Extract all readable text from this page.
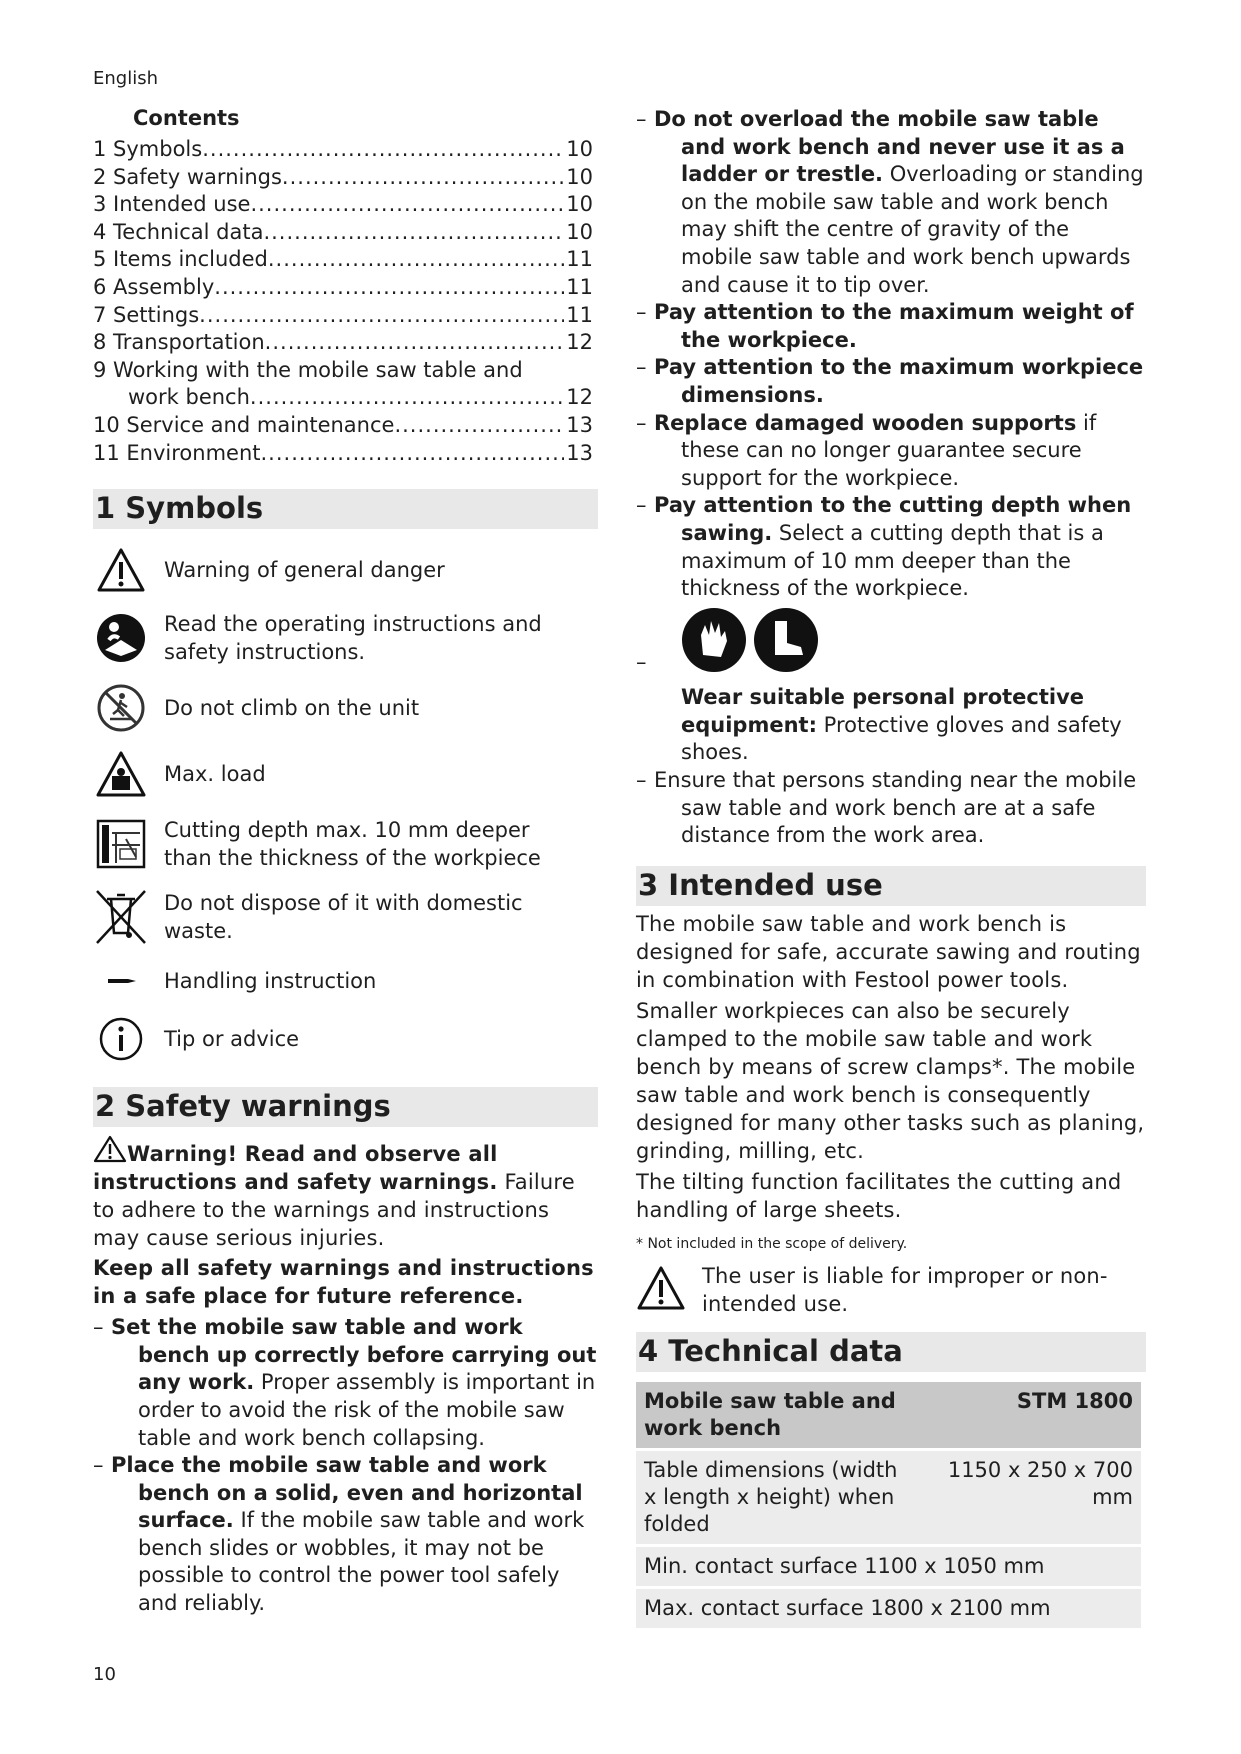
English
Contents
1 Symbols .....	10
2 Safety warnings .....	10
3 Intended use .....	10
4 Technical data .....	10
5 Items included .....	11
6 Assembly .....	11
7 Settings .....	11
8 Transportation .....	12
9 Working with the mobile saw table and
work bench .....	12
10 Service and maintenance .....	13
11 Environment .....	13
1 Symbols
Warning of general danger
Read the operating instructions and safety instructions.
Do not climb on the unit
Max. load
Cutting depth max. 10 mm deeper than the thickness of the workpiece
Do not dispose of it with domestic waste.
Handling instruction
Tip or advice
2 Safety warnings
Warning! Read and observe all instructions and safety warnings. Failure to adhere to the warnings and instructions may cause serious injuries.
Keep all safety warnings and instructions in a safe place for future reference.
– Set the mobile saw table and work bench up correctly before carrying out any work. Proper assembly is important in order to avoid the risk of the mobile saw table and work bench collapsing.
– Place the mobile saw table and work bench on a solid, even and horizontal surface. If the mobile saw table and work bench slides or wobbles, it may not be possible to control the power tool safely and reliably.
– Do not overload the mobile saw table and work bench and never use it as a ladder or trestle. Overloading or standing on the mobile saw table and work bench may shift the centre of gravity of the mobile saw table and work bench upwards and cause it to tip over.
– Pay attention to the maximum weight of the workpiece.
– Pay attention to the maximum workpiece dimensions.
– Replace damaged wooden supports if these can no longer guarantee secure support for the workpiece.
– Pay attention to the cutting depth when sawing. Select a cutting depth that is a maximum of 10 mm deeper than the thickness of the workpiece.
–
Wear suitable personal protective equipment: Protective gloves and safety shoes.
– Ensure that persons standing near the mobile saw table and work bench are at a safe distance from the work area.
3 Intended use
The mobile saw table and work bench is designed for safe, accurate sawing and routing in combination with Festool power tools.
Smaller workpieces can also be securely clamped to the mobile saw table and work bench by means of screw clamps*. The mobile saw table and work bench is consequently designed for many other tasks such as planing, grinding, milling, etc.
The tilting function facilitates the cutting and handling of large sheets.
* Not included in the scope of delivery.
The user is liable for improper or non-intended use.
4 Technical data
Mobile saw table and work bench	STM 1800
Table dimensions (width x length x height) when folded	1150 x 250 x 700 mm
Min. contact surface 1100 x 1050 mm	
Max. contact surface 1800 x 2100 mm	
10
